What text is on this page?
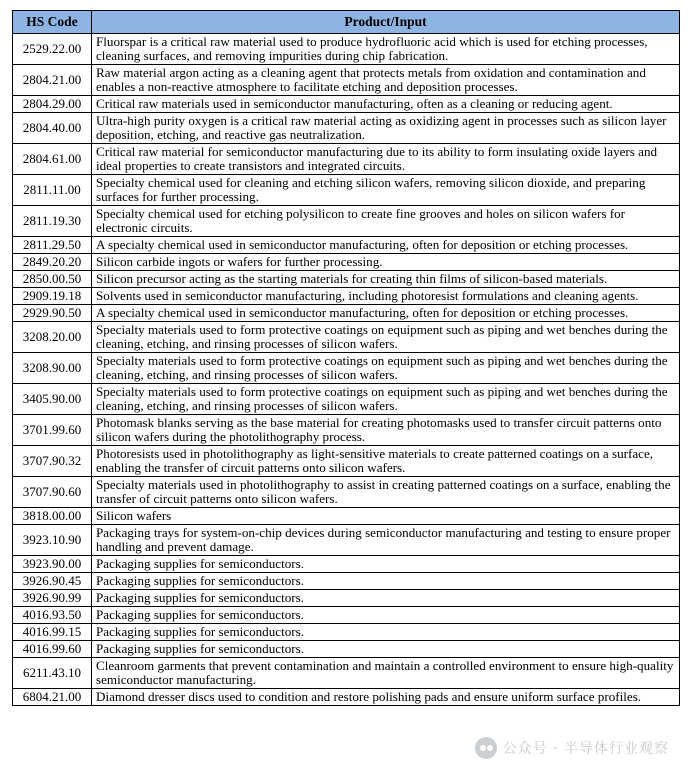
HS Code	Product/Input
2529.22.00	Fluorspar is a critical raw material used to produce hydrofluoric acid which is used for etching processes, cleaning surfaces, and removing impurities during chip fabrication.
2804.21.00	Raw material argon acting as a cleaning agent that protects metals from oxidation and contamination and enables a non-reactive atmosphere to facilitate etching and deposition processes.
2804.29.00	Critical raw materials used in semiconductor manufacturing, often as a cleaning or reducing agent.
2804.40.00	Ultra-high purity oxygen is a critical raw material acting as oxidizing agent in processes such as silicon layer deposition, etching, and reactive gas neutralization.
2804.61.00	Critical raw material for semiconductor manufacturing due to its ability to form insulating oxide layers and ideal properties to create transistors and integrated circuits.
2811.11.00	Specialty chemical used for cleaning and etching silicon wafers, removing silicon dioxide, and preparing surfaces for further processing.
2811.19.30	Specialty chemical used for etching polysilicon to create fine grooves and holes on silicon wafers for electronic circuits.
2811.29.50	A specialty chemical used in semiconductor manufacturing, often for deposition or etching processes.
2849.20.20	Silicon carbide ingots or wafers for further processing.
2850.00.50	Silicon precursor acting as the starting materials for creating thin films of silicon-based materials.
2909.19.18	Solvents used in semiconductor manufacturing, including photoresist formulations and cleaning agents.
2929.90.50	A specialty chemical used in semiconductor manufacturing, often for deposition or etching processes.
3208.20.00	Specialty materials used to form protective coatings on equipment such as piping and wet benches during the cleaning, etching, and rinsing processes of silicon wafers.
3208.90.00	Specialty materials used to form protective coatings on equipment such as piping and wet benches during the cleaning, etching, and rinsing processes of silicon wafers.
3405.90.00	Specialty materials used to form protective coatings on equipment such as piping and wet benches during the cleaning, etching, and rinsing processes of silicon wafers.
3701.99.60	Photomask blanks serving as the base material for creating photomasks used to transfer circuit patterns onto silicon wafers during the photolithography process.
3707.90.32	Photoresists used in photolithography as light-sensitive materials to create patterned coatings on a surface, enabling the transfer of circuit patterns onto silicon wafers.
3707.90.60	Specialty materials used in photolithography to assist in creating patterned coatings on a surface, enabling the transfer of circuit patterns onto silicon wafers.
3818.00.00	Silicon wafers
3923.10.90	Packaging trays for system-on-chip devices during semiconductor manufacturing and testing to ensure proper handling and prevent damage.
3923.90.00	Packaging supplies for semiconductors.
3926.90.45	Packaging supplies for semiconductors.
3926.90.99	Packaging supplies for semiconductors.
4016.93.50	Packaging supplies for semiconductors.
4016.99.15	Packaging supplies for semiconductors.
4016.99.60	Packaging supplies for semiconductors.
6211.43.10	Cleanroom garments that prevent contamination and maintain a controlled environment to ensure high-quality semiconductor manufacturing.
6804.21.00	Diamond dresser discs used to condition and restore polishing pads and ensure uniform surface profiles.
公众号 · 半导体行业观察
